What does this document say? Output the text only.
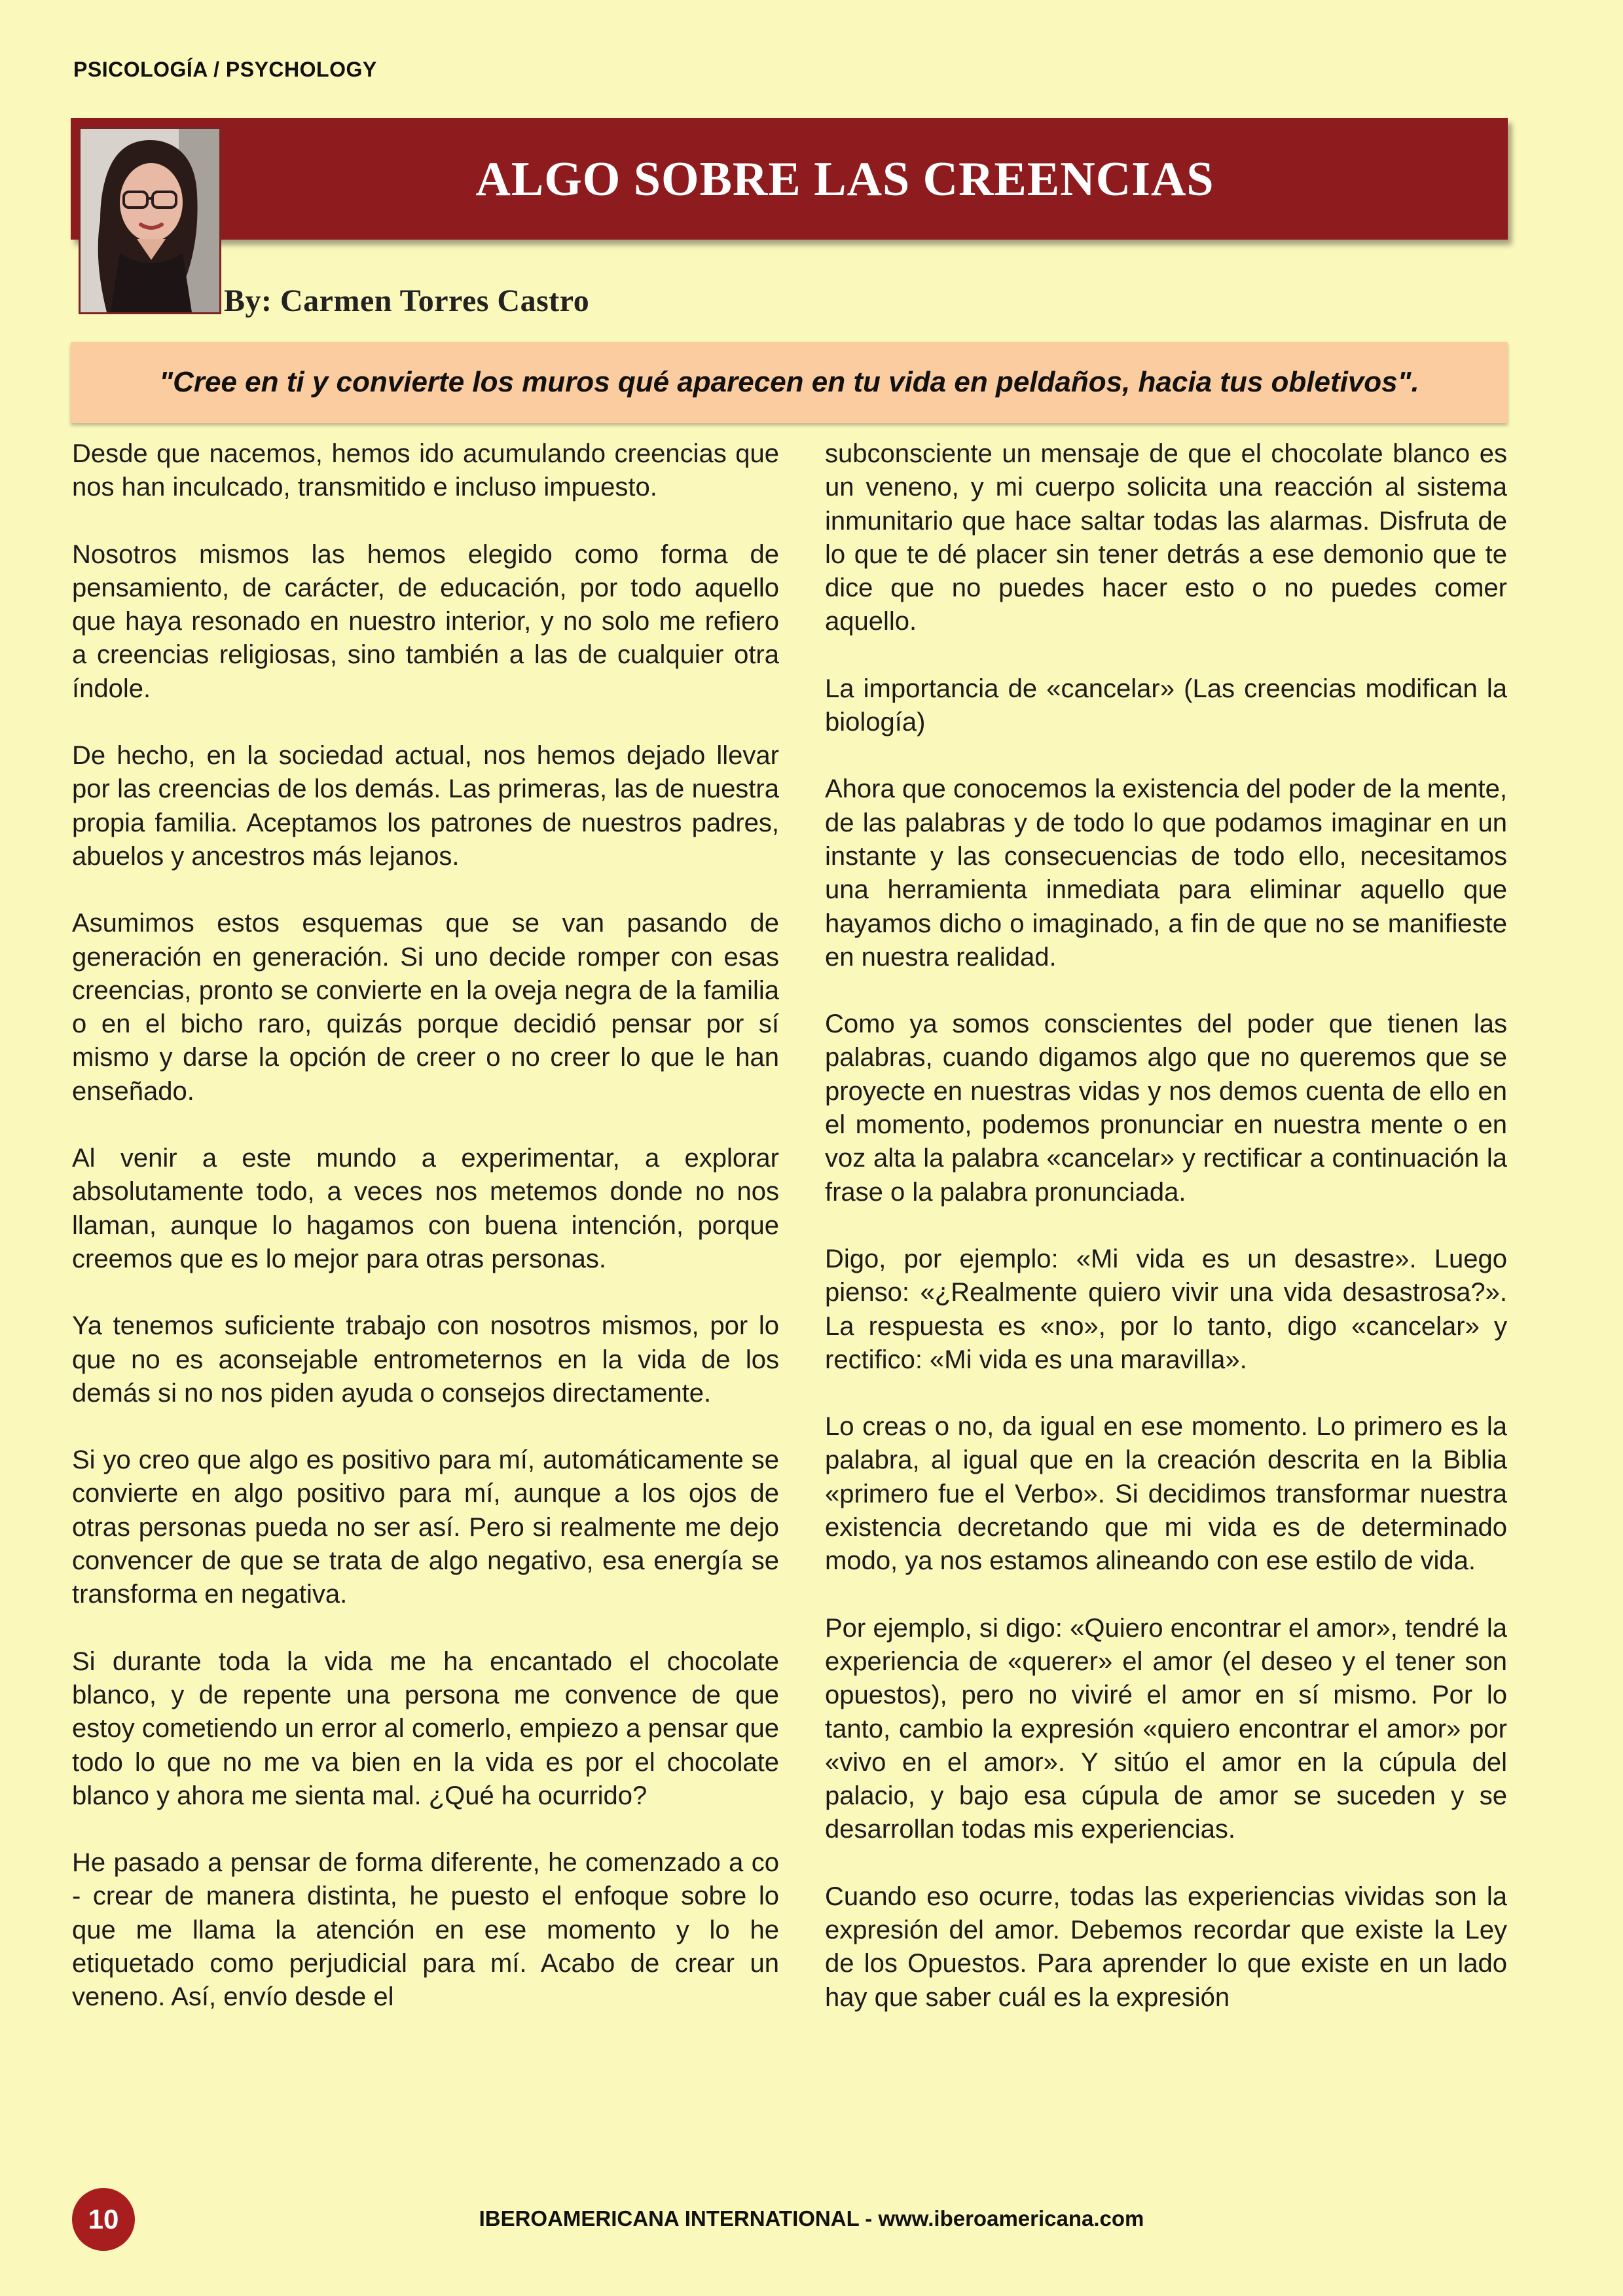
PSICOLOGÍA / PSYCHOLOGY
ALGO SOBRE LAS CREENCIAS
By: Carmen Torres Castro
"Cree en ti y convierte los muros qué aparecen en tu vida en peldaños, hacia tus obletivos".

Desde que nacemos, hemos ido acumulando creencias que nos han inculcado, transmitido e incluso impuesto.

Nosotros mismos las hemos elegido como forma de pensamiento, de carácter, de educación, por todo aquello que haya resonado en nuestro interior, y no solo me refiero a creencias religiosas, sino también a las de cualquier otra índole.

De hecho, en la sociedad actual, nos hemos dejado llevar por las creencias de los demás. Las primeras, las de nuestra propia familia. Aceptamos los patrones de nuestros padres, abuelos y ancestros más lejanos.

Asumimos estos esquemas que se van pasando de generación en generación. Si uno decide romper con esas creencias, pronto se convierte en la oveja negra de la familia o en el bicho raro, quizás porque decidió pensar por sí mismo y darse la opción de creer o no creer lo que le han enseñado.

Al venir a este mundo a experimentar, a explorar absolutamente todo, a veces nos metemos donde no nos llaman, aunque lo hagamos con buena intención, porque creemos que es lo mejor para otras personas.

Ya tenemos suficiente trabajo con nosotros mismos, por lo que no es aconsejable entrometernos en la vida de los demás si no nos piden ayuda o consejos directamente.

Si yo creo que algo es positivo para mí, automáticamente se convierte en algo positivo para mí, aunque a los ojos de otras personas pueda no ser así. Pero si realmente me dejo convencer de que se trata de algo negativo, esa energía se transforma en negativa.

Si durante toda la vida me ha encantado el chocolate blanco, y de repente una persona me convence de que estoy cometiendo un error al comerlo, empiezo a pensar que todo lo que no me va bien en la vida es por el chocolate blanco y ahora me sienta mal. ¿Qué ha ocurrido?

He pasado a pensar de forma diferente, he comenzado a co - crear de manera distinta, he puesto el enfoque sobre lo que me llama la atención en ese momento y lo he etiquetado como perjudicial para mí. Acabo de crear un veneno. Así, envío desde el

subconsciente un mensaje de que el chocolate blanco es un veneno, y mi cuerpo solicita una reacción al sistema inmunitario que hace saltar todas las alarmas. Disfruta de lo que te dé placer sin tener detrás a ese demonio que te dice que no puedes hacer esto o no puedes comer aquello.

La importancia de «cancelar» (Las creencias modifican la biología)

Ahora que conocemos la existencia del poder de la mente, de las palabras y de todo lo que podamos imaginar en un instante y las consecuencias de todo ello, necesitamos una herramienta inmediata para eliminar aquello que hayamos dicho o imaginado, a fin de que no se manifieste en nuestra realidad.

Como ya somos conscientes del poder que tienen las palabras, cuando digamos algo que no queremos que se proyecte en nuestras vidas y nos demos cuenta de ello en el momento, podemos pronunciar en nuestra mente o en voz alta la palabra «cancelar» y rectificar a continuación la frase o la palabra pronunciada.

Digo, por ejemplo: «Mi vida es un desastre». Luego pienso: «¿Realmente quiero vivir una vida desastrosa?». La respuesta es «no», por lo tanto, digo «cancelar» y rectifico: «Mi vida es una maravilla».

Lo creas o no, da igual en ese momento. Lo primero es la palabra, al igual que en la creación descrita en la Biblia «primero fue el Verbo». Si decidimos transformar nuestra existencia decretando que mi vida es de determinado modo, ya nos estamos alineando con ese estilo de vida.

Por ejemplo, si digo: «Quiero encontrar el amor», tendré la experiencia de «querer» el amor (el deseo y el tener son opuestos), pero no viviré el amor en sí mismo. Por lo tanto, cambio la expresión «quiero encontrar el amor» por «vivo en el amor». Y sitúo el amor en la cúpula del palacio, y bajo esa cúpula de amor se suceden y se desarrollan todas mis experiencias.

Cuando eso ocurre, todas las experiencias vividas son la expresión del amor. Debemos recordar que existe la Ley de los Opuestos. Para aprender lo que existe en un lado hay que saber cuál es la expresión

10	IBEROAMERICANA INTERNATIONAL - www.iberoamericana.com
